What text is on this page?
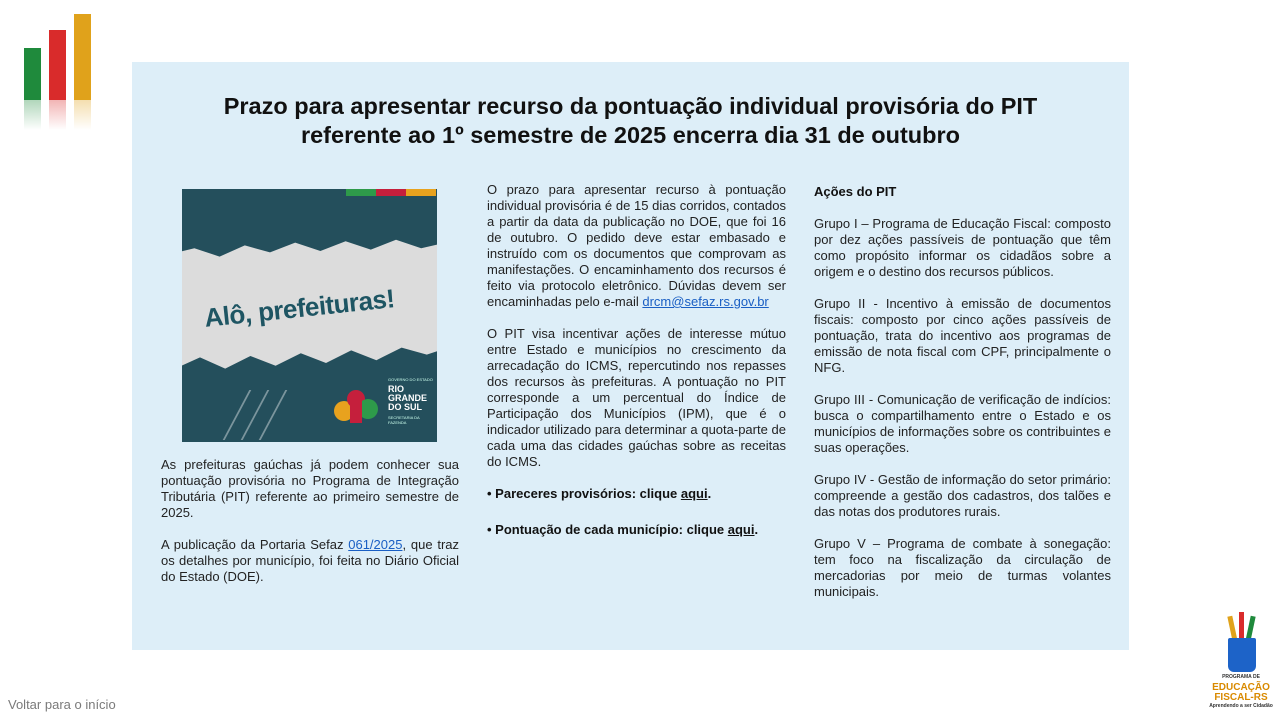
Prazo para apresentar recurso da pontuação individual provisória do PIT
referente ao 1º semestre de 2025 encerra dia 31 de outubro
Alô, prefeituras!
GOVERNO DO ESTADO
RIO
GRANDE
DO SUL
SECRETARIA DA FAZENDA

As prefeituras gaúchas já podem conhecer sua pontuação provisória no Programa de Integração Tributária (PIT) referente ao primeiro semestre de 2025.

A publicação da Portaria Sefaz 061/2025, que traz os detalhes por município, foi feita no Diário Oficial do Estado (DOE).

O prazo para apresentar recurso à pontuação individual provisória é de 15 dias corridos, contados a partir da data da publicação no DOE, que foi 16 de outubro. O pedido deve estar embasado e instruído com os documentos que comprovam as manifestações. O encaminhamento dos recursos é feito via protocolo eletrônico. Dúvidas devem ser encaminhadas pelo e-mail drcm@sefaz.rs.gov.br

O PIT visa incentivar ações de interesse mútuo entre Estado e municípios no crescimento da arrecadação do ICMS, repercutindo nos repasses dos recursos às prefeituras. A pontuação no PIT corresponde a um percentual do Índice de Participação dos Municípios (IPM), que é o indicador utilizado para determinar a quota-parte de cada uma das cidades gaúchas sobre as receitas do ICMS.

• Pareceres provisórios: clique aqui.

• Pontuação de cada município: clique aqui.

Ações do PIT

Grupo I – Programa de Educação Fiscal: composto por dez ações passíveis de pontuação que têm como propósito informar os cidadãos sobre a origem e o destino dos recursos públicos.

Grupo II - Incentivo à emissão de documentos fiscais: composto por cinco ações passíveis de pontuação, trata do incentivo aos programas de emissão de nota fiscal com CPF, principalmente o NFG.

Grupo III - Comunicação de verificação de indícios: busca o compartilhamento entre o Estado e os municípios de informações sobre os contribuintes e suas operações.

Grupo IV - Gestão de informação do setor primário: compreende a gestão dos cadastros, dos talões e das notas dos produtores rurais.

Grupo V – Programa de combate à sonegação: tem foco na fiscalização da circulação de mercadorias por meio de turmas volantes municipais.

Voltar para o início
PROGRAMA DE
EDUCAÇÃO
FISCAL-RS
Aprendendo a ser Cidadão
